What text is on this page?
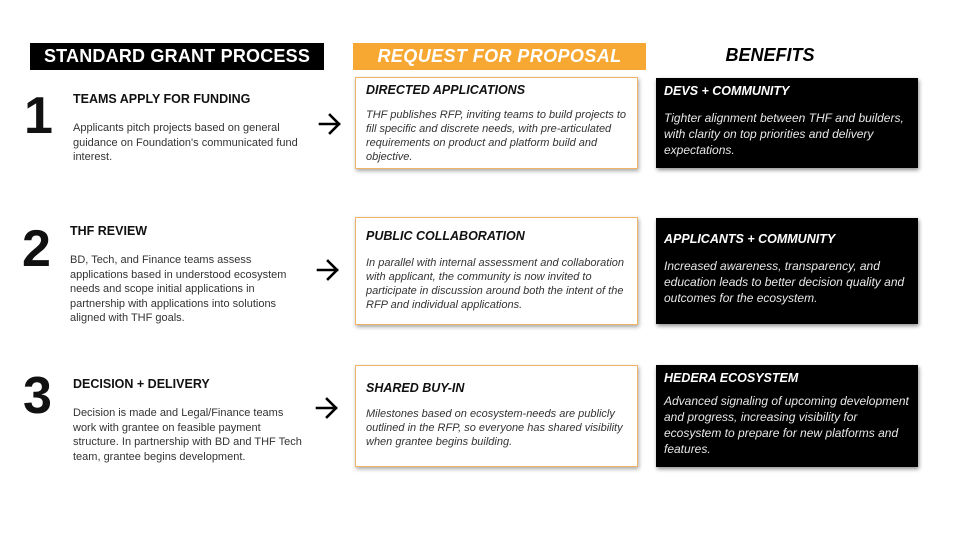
STANDARD GRANT PROCESS	REQUEST FOR PROPOSAL	BENEFITS
1 TEAMS APPLY FOR FUNDING
Applicants pitch projects based on general guidance on Foundation's communicated fund interest.
2 THF REVIEW
BD, Tech, and Finance teams assess applications based in understood ecosystem needs and scope initial applications in partnership with applications into solutions aligned with THF goals.
3 DECISION + DELIVERY
Decision is made and Legal/Finance teams work with grantee on feasible payment structure. In partnership with BD and THF Tech team, grantee begins development.
DIRECTED APPLICATIONS
THF publishes RFP, inviting teams to build projects to fill specific and discrete needs, with pre-articulated requirements on product and platform build and objective.
PUBLIC COLLABORATION
In parallel with internal assessment and collaboration with applicant, the community is now invited to participate in discussion around both the intent of the RFP and individual applications.
SHARED BUY-IN
Milestones based on ecosystem-needs are publicly outlined in the RFP, so everyone has shared visibility when grantee begins building.
DEVS + COMMUNITY
Tighter alignment between THF and builders, with clarity on top priorities and delivery expectations.
APPLICANTS + COMMUNITY
Increased awareness, transparency, and education leads to better decision quality and outcomes for the ecosystem.
HEDERA ECOSYSTEM
Advanced signaling of upcoming development and progress, increasing visibility for ecosystem to prepare for new platforms and features.
